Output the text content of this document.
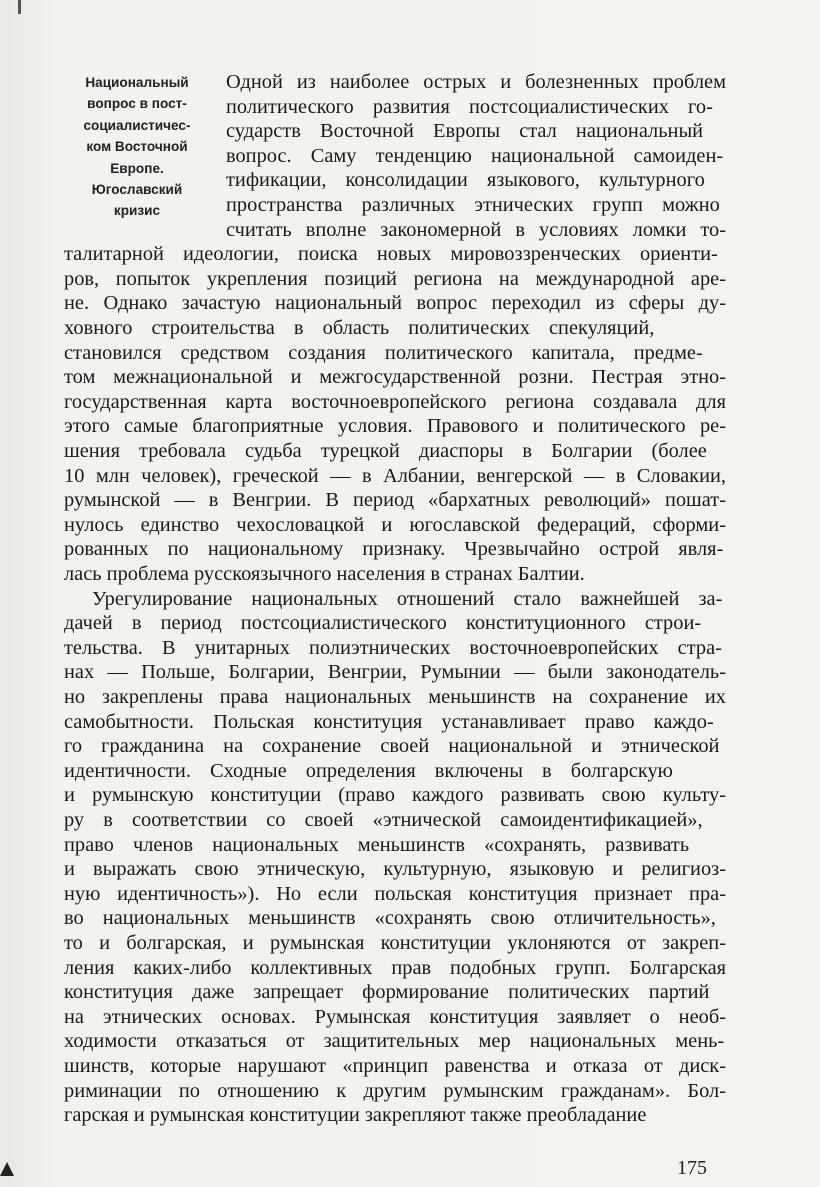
Национальный
вопрос в пост-
социалистичес-
ком Восточной
Европе.
Югославский
кризис
Одной из наиболее острых и болезненных проблем
политического развития постсоциалистических го-
сударств Восточной Европы стал национальный
вопрос. Саму тенденцию национальной самоиден-
тификации, консолидации языкового, культурного
пространства различных этнических групп можно
считать вполне закономерной в условиях ломки то-
талитарной идеологии, поиска новых мировоззренческих ориенти-
ров, попыток укрепления позиций региона на международной аре-
не. Однако зачастую национальный вопрос переходил из сферы ду-
ховного строительства в область политических спекуляций,
становился средством создания политического капитала, предме-
том межнациональной и межгосударственной розни. Пестрая этно-
государственная карта восточноевропейского региона создавала для
этого самые благоприятные условия. Правового и политического ре-
шения требовала судьба турецкой диаспоры в Болгарии (более
10 млн человек), греческой — в Албании, венгерской — в Словакии,
румынской — в Венгрии. В период «бархатных революций» пошат-
нулось единство чехословацкой и югославской федераций, сформи-
рованных по национальному признаку. Чрезвычайно острой явля-
лась проблема русскоязычного населения в странах Балтии.
Урегулирование национальных отношений стало важнейшей за-
дачей в период постсоциалистического конституционного строи-
тельства. В унитарных полиэтнических восточноевропейских стра-
нах — Польше, Болгарии, Венгрии, Румынии — были законодатель-
но закреплены права национальных меньшинств на сохранение их
самобытности. Польская конституция устанавливает право каждо-
го гражданина на сохранение своей национальной и этнической
идентичности. Сходные определения включены в болгарскую
и румынскую конституции (право каждого развивать свою культу-
ру в соответствии со своей «этнической самоидентификацией»,
право членов национальных меньшинств «сохранять, развивать
и выражать свою этническую, культурную, языковую и религиоз-
ную идентичность»). Но если польская конституция признает пра-
во национальных меньшинств «сохранять свою отличительность»,
то и болгарская, и румынская конституции уклоняются от закреп-
ления каких-либо коллективных прав подобных групп. Болгарская
конституция даже запрещает формирование политических партий
на этнических основах. Румынская конституция заявляет о необ-
ходимости отказаться от защитительных мер национальных мень-
шинств, которые нарушают «принцип равенства и отказа от диск-
риминации по отношению к другим румынским гражданам». Бол-
гарская и румынская конституции закрепляют также преобладание
175
